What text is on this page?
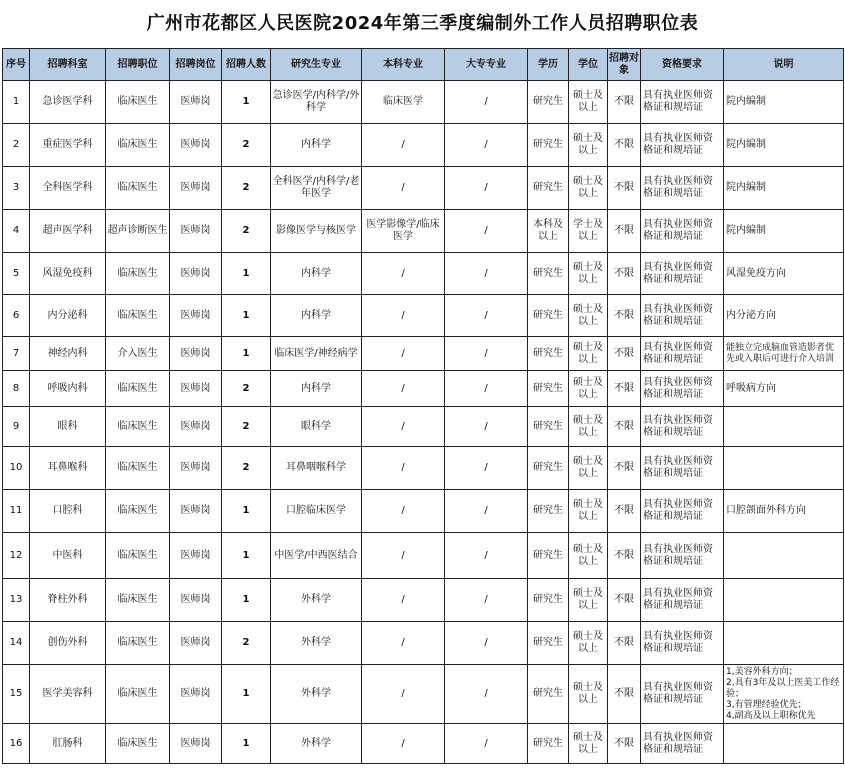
广州市花都区人民医院2024年第三季度编制外工作人员招聘职位表
序号	招聘科室	招聘职位	招聘岗位	招聘人数	研究生专业	本科专业	大专专业	学历	学位	招聘对象	资格要求	说明
1	急诊医学科	临床医生	医师岗	1	急诊医学/内科学/外科学	临床医学	/	研究生	硕士及以上	不限	具有执业医师资格证和规培证	院内编制
2	重症医学科	临床医生	医师岗	2	内科学	/	/	研究生	硕士及以上	不限	具有执业医师资格证和规培证	院内编制
3	全科医学科	临床医生	医师岗	2	全科医学/内科学/老年医学	/	/	研究生	硕士及以上	不限	具有执业医师资格证和规培证	院内编制
4	超声医学科	超声诊断医生	医师岗	2	影像医学与核医学	医学影像学/临床医学	/	本科及以上	学士及以上	不限	具有执业医师资格证和规培证	院内编制
5	风湿免疫科	临床医生	医师岗	1	内科学	/	/	研究生	硕士及以上	不限	具有执业医师资格证和规培证	风湿免疫方向
6	内分泌科	临床医生	医师岗	1	内科学	/	/	研究生	硕士及以上	不限	具有执业医师资格证和规培证	内分泌方向
7	神经内科	介入医生	医师岗	1	临床医学/神经病学	/	/	研究生	硕士及以上	不限	具有执业医师资格证和规培证	能独立完成脑血管造影者优先或入职后可进行介入培训
8	呼吸内科	临床医生	医师岗	2	内科学	/	/	研究生	硕士及以上	不限	具有执业医师资格证和规培证	呼吸病方向
9	眼科	临床医生	医师岗	2	眼科学	/	/	研究生	硕士及以上	不限	具有执业医师资格证和规培证	
10	耳鼻喉科	临床医生	医师岗	2	耳鼻咽喉科学	/	/	研究生	硕士及以上	不限	具有执业医师资格证和规培证	
11	口腔科	临床医生	医师岗	1	口腔临床医学	/	/	研究生	硕士及以上	不限	具有执业医师资格证和规培证	口腔颌面外科方向
12	中医科	临床医生	医师岗	1	中医学/中西医结合	/	/	研究生	硕士及以上	不限	具有执业医师资格证和规培证	
13	脊柱外科	临床医生	医师岗	1	外科学	/	/	研究生	硕士及以上	不限	具有执业医师资格证和规培证	
14	创伤外科	临床医生	医师岗	2	外科学	/	/	研究生	硕士及以上	不限	具有执业医师资格证和规培证	
15	医学美容科	临床医生	医师岗	1	外科学	/	/	研究生	硕士及以上	不限	具有执业医师资格证和规培证	1,美容外科方向；
2,具有3年及以上医美工作经验；
3,有管理经验优先；
4,副高及以上职称优先

16	肛肠科	临床医生	医师岗	1	外科学	/	/	研究生	硕士及以上	不限	具有执业医师资格证和规培证	
